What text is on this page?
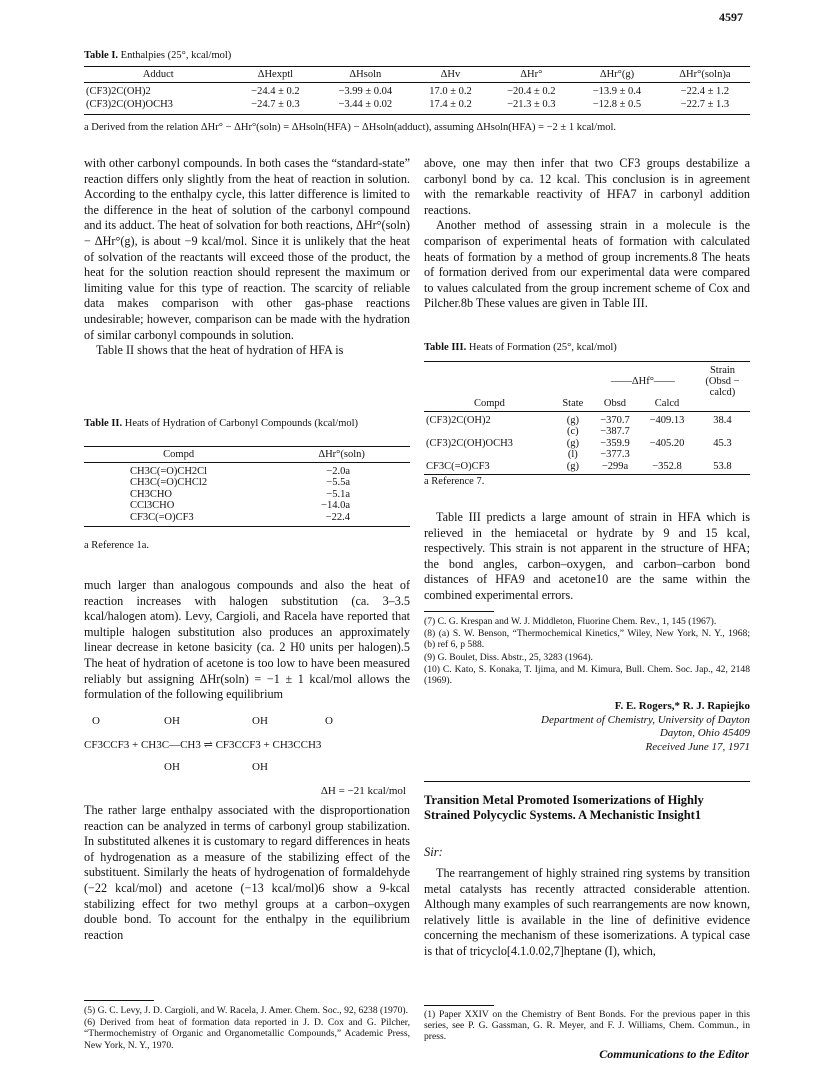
4597
Table I. Enthalpies (25°, kcal/mol)
Adduct	ΔHexptl	ΔHsoln	ΔHv	ΔHr°	ΔHr°(g)	ΔHr°(soln)a
(CF3)2C(OH)2	−24.4 ± 0.2	−3.99 ± 0.04	17.0 ± 0.2	−20.4 ± 0.2	−13.9 ± 0.4	−22.4 ± 1.2
(CF3)2C(OH)OCH3	−24.7 ± 0.3	−3.44 ± 0.02	17.4 ± 0.2	−21.3 ± 0.3	−12.8 ± 0.5	−22.7 ± 1.3
a Derived from the relation ΔHr° − ΔHr°(soln) = ΔHsoln(HFA) − ΔHsoln(adduct), assuming ΔHsoln(HFA) = −2 ± 1 kcal/mol.

with other carbonyl compounds. In both cases the “standard-state” reaction differs only slightly from the heat of reaction in solution. According to the enthalpy cycle, this latter difference is limited to the difference in the heat of solution of the carbonyl compound and its adduct. The heat of solvation for both reactions, ΔHr°(soln) − ΔHr°(g), is about −9 kcal/mol. Since it is unlikely that the heat of solvation of the reactants will exceed those of the product, the heat for the solution reaction should represent the maximum or limiting value for this type of reaction. The scarcity of reliable data makes comparison with other gas-phase reactions undesirable; however, comparison can be made with the hydration of similar carbonyl compounds in solution.

Table II shows that the heat of hydration of HFA is

Table II. Heats of Hydration of Carbonyl Compounds (kcal/mol)
Compd	ΔHr°(soln)
CH3C(=O)CH2Cl	−2.0a
CH3C(=O)CHCl2	−5.5a
CH3CHO	−5.1a
CCl3CHO	−14.0a
CF3C(=O)CF3	−22.4
a Reference 1a.

much larger than analogous compounds and also the heat of reaction increases with halogen substitution (ca. 3–3.5 kcal/halogen atom). Levy, Cargioli, and Racela have reported that multiple halogen substitution also produces an approximately linear decrease in ketone basicity (ca. 2 H0 units per halogen).5 The heat of hydration of acetone is too low to have been measured reliably but assigning ΔHr(soln) = −1 ± 1 kcal/mol allows the formulation of the following equilibrium

O	OH	OH	O
CF3CCF3 + CH3C—CH3 ⇌ CF3CCF3 + CH3CCH3
OH	OH
ΔH = −21 kcal/mol

The rather large enthalpy associated with the disproportionation reaction can be analyzed in terms of carbonyl group stabilization. In substituted alkenes it is customary to regard differences in heats of hydrogenation as a measure of the stabilizing effect of the substituent. Similarly the heats of hydrogenation of formaldehyde (−22 kcal/mol) and acetone (−13 kcal/mol)6 show a 9-kcal stabilizing effect for two methyl groups at a carbon–oxygen double bond. To account for the enthalpy in the equilibrium reaction

(5) G. C. Levy, J. D. Cargioli, and W. Racela, J. Amer. Chem. Soc., 92, 6238 (1970).

(6) Derived from heat of formation data reported in J. D. Cox and G. Pilcher, “Thermochemistry of Organic and Organometallic Compounds,” Academic Press, New York, N. Y., 1970.

above, one may then infer that two CF3 groups destabilize a carbonyl bond by ca. 12 kcal. This conclusion is in agreement with the remarkable reactivity of HFA7 in carbonyl addition reactions.

Another method of assessing strain in a molecule is the comparison of experimental heats of formation with calculated heats of formation by a method of group increments.8 The heats of formation derived from our experimental data were compared to values calculated from the group increment scheme of Cox and Pilcher.8b These values are given in Table III.

Table III. Heats of Formation (25°, kcal/mol)
		——ΔHf°——		Strain
(Obsd −
calcd)

Compd	State	Obsd	Calcd	
(CF3)2C(OH)2	(g)	−370.7	−409.13	38.4
	(c)	−387.7		
(CF3)2C(OH)OCH3	(g)	−359.9	−405.20	45.3
	(l)	−377.3		
CF3C(=O)CF3	(g)	−299a	−352.8	53.8
a Reference 7.

Table III predicts a large amount of strain in HFA which is relieved in the hemiacetal or hydrate by 9 and 15 kcal, respectively. This strain is not apparent in the structure of HFA; the bond angles, carbon–oxygen, and carbon–carbon bond distances of HFA9 and acetone10 are the same within the combined experimental errors.

(7) C. G. Krespan and W. J. Middleton, Fluorine Chem. Rev., 1, 145 (1967).

(8) (a) S. W. Benson, “Thermochemical Kinetics,” Wiley, New York, N. Y., 1968; (b) ref 6, p 588.

(9) G. Boulet, Diss. Abstr., 25, 3283 (1964).

(10) C. Kato, S. Konaka, T. Ijima, and M. Kimura, Bull. Chem. Soc. Jap., 42, 2148 (1969).

F. E. Rogers,* R. J. Rapiejko
Department of Chemistry, University of Dayton
Dayton, Ohio 45409
Received June 17, 1971
Transition Metal Promoted Isomerizations of Highly Strained Polycyclic Systems. A Mechanistic Insight1
Sir:

The rearrangement of highly strained ring systems by transition metal catalysts has recently attracted considerable attention. Although many examples of such rearrangements are now known, relatively little is available in the line of definitive evidence concerning the mechanism of these isomerizations. A typical case is that of tricyclo[4.1.0.02,7]heptane (I), which,

(1) Paper XXIV on the Chemistry of Bent Bonds. For the previous paper in this series, see P. G. Gassman, G. R. Meyer, and F. J. Williams, Chem. Commun., in press.
Communications to the Editor
